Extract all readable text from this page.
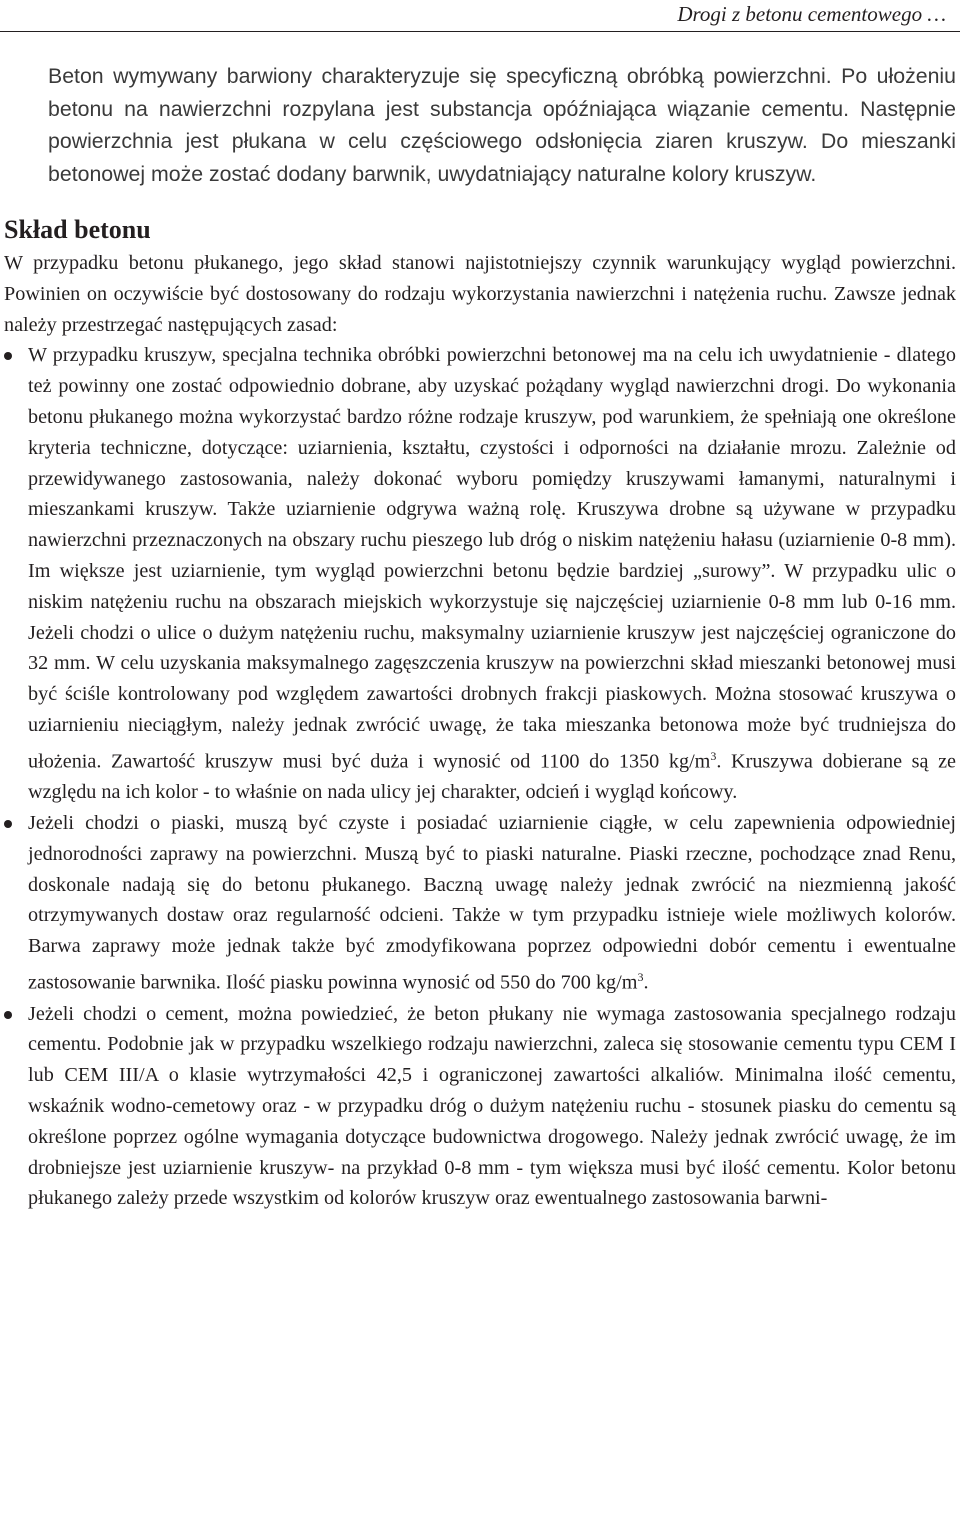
Drogi z betonu cementowego …

Beton wymywany barwiony charakteryzuje się specyficzną obróbką powierzchni. Po ułożeniu betonu na nawierzchni rozpylana jest substancja opóźniająca wiązanie cementu. Następnie powierzchnia jest płukana w celu częściowego odsłonięcia ziaren kruszyw. Do mieszanki betonowej może zostać dodany barwnik, uwydatniający naturalne kolory kruszyw.

Skład betonu

W przypadku betonu płukanego, jego skład stanowi najistotniejszy czynnik warunkujący wygląd powierzchni. Powinien on oczywiście być dostosowany do rodzaju wykorzystania nawierzchni i natężenia ruchu. Zawsze jednak należy przestrzegać następujących zasad:

W przypadku kruszyw, specjalna technika obróbki powierzchni betonowej ma na celu ich uwydatnienie - dlatego też powinny one zostać odpowiednio dobrane, aby uzyskać pożądany wygląd nawierzchni drogi. Do wykonania betonu płukanego można wykorzystać bardzo różne rodzaje kruszyw, pod warunkiem, że spełniają one określone kryteria techniczne, dotyczące: uziarnienia, kształtu, czystości i odporności na działanie mrozu. Zależnie od przewidywanego zastosowania, należy dokonać wyboru pomiędzy kruszywami łamanymi, naturalnymi i mieszankami kruszyw. Także uziarnienie odgrywa ważną rolę. Kruszywa drobne są używane w przypadku nawierzchni przeznaczonych na obszary ruchu pieszego lub dróg o niskim natężeniu hałasu (uziarnienie 0-8 mm). Im większe jest uziarnienie, tym wygląd powierzchni betonu będzie bardziej „surowy”. W przypadku ulic o niskim natężeniu ruchu na obszarach miejskich wykorzystuje się najczęściej uziarnienie 0-8 mm lub 0-16 mm. Jeżeli chodzi o ulice o dużym natężeniu ruchu, maksymalny uziarnienie kruszyw jest najczęściej ograniczone do 32 mm. W celu uzyskania maksymalnego zagęszczenia kruszyw na powierzchni skład mieszanki betonowej musi być ściśle kontrolowany pod względem zawartości drobnych frakcji piaskowych. Można stosować kruszywa o uziarnieniu nieciągłym, należy jednak zwrócić uwagę, że taka mieszanka betonowa może być trudniejsza do ułożenia. Zawartość kruszyw musi być duża i wynosić od 1100 do 1350 $kg/m^3$. Kruszywa dobierane są ze względu na ich kolor - to właśnie on nada ulicy jej charakter, odcień i wygląd końcowy.
Jeżeli chodzi o piaski, muszą być czyste i posiadać uziarnienie ciągłe, w celu zapewnienia odpowiedniej jednorodności zaprawy na powierzchni. Muszą być to piaski naturalne. Piaski rzeczne, pochodzące znad Renu, doskonale nadają się do betonu płukanego. Baczną uwagę należy jednak zwrócić na niezmienną jakość otrzymywanych dostaw oraz regularność odcieni. Także w tym przypadku istnieje wiele możliwych kolorów. Barwa zaprawy może jednak także być zmodyfikowana poprzez odpowiedni dobór cementu i ewentualne zastosowanie barwnika. Ilość piasku powinna wynosić od 550 do 700 $kg/m^3$.
Jeżeli chodzi o cement, można powiedzieć, że beton płukany nie wymaga zastosowania specjalnego rodzaju cementu. Podobnie jak w przypadku wszelkiego rodzaju nawierzchni, zaleca się stosowanie cementu typu CEM I lub CEM III/A o klasie wytrzymałości 42,5 i ograniczonej zawartości alkaliów. Minimalna ilość cementu, wskaźnik wodno-cemetowy oraz - w przypadku dróg o dużym natężeniu ruchu - stosunek piasku do cementu są określone poprzez ogólne wymagania dotyczące budownictwa drogowego. Należy jednak zwrócić uwagę, że im drobniejsze jest uziarnienie kruszyw- na przykład 0-8 mm - tym większa musi być ilość cementu. Kolor betonu płukanego zależy przede wszystkim od kolorów kruszyw oraz ewentualnego zastosowania barwni-
